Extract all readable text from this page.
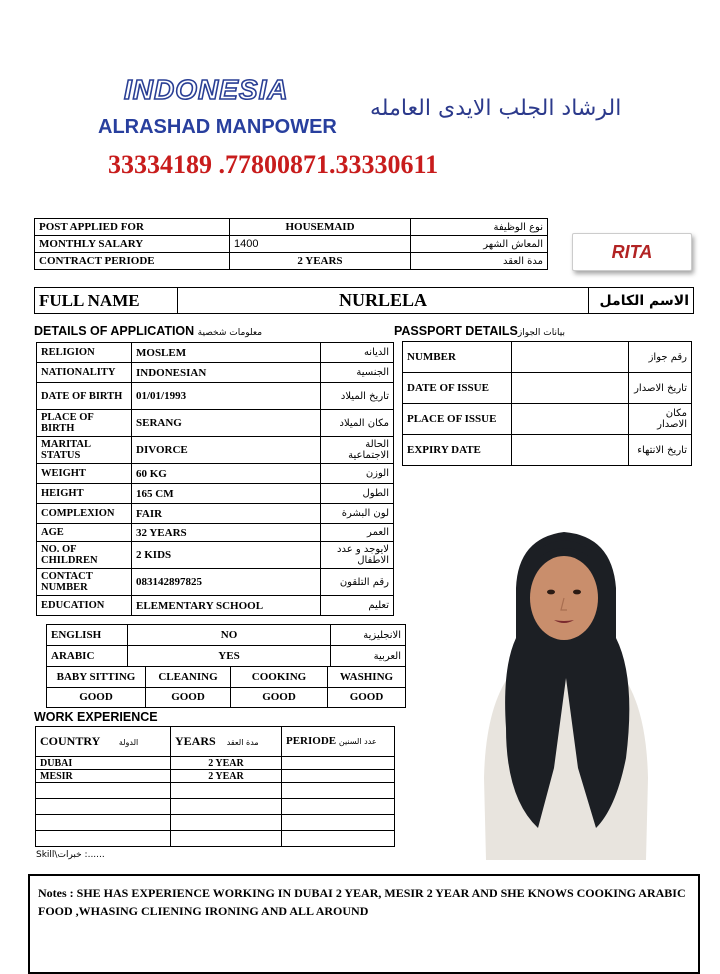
INDONESIA
ALRASHAD MANPOWER
الرشاد الجلب الايدى العامله
33334189 .77800871.33330611
POST APPLIED FOR	HOUSEMAID	نوع الوظيفة
MONTHLY SALARY	1400	المعاش الشهر
CONTRACT PERIODE	2 YEARS	مدة العقد	RITA
FULL NAME	NURLELA	الاسم الكامل
DETAILS OF APPLICATION معلومات شخصية	PASSPORT DETAILSبيانات الجواز
RELIGION	MOSLEM	الديانه
NATIONALITY	INDONESIAN	الجنسية
DATE OF BIRTH	01/01/1993	تاريخ الميلاد
PLACE OF BIRTH	SERANG	مكان الميلاد
MARITAL STATUS	DIVORCE	الحالة الاجتماعية
WEIGHT	60 KG	الوزن
HEIGHT	165 CM	الطول
COMPLEXION	FAIR	لون البشرة
AGE	32 YEARS	العمر
NO. OF CHILDREN	2 KIDS	لايوجد و عدد الاطفال
CONTACT NUMBER	083142897825	رقم التلقون
EDUCATION	ELEMENTARY SCHOOL	تعليم
NUMBER		رقم جواز
DATE OF ISSUE		تاريخ الاصدار
PLACE OF ISSUE		مكان الاصدار
EXPIRY DATE		تاريخ الانتهاء
ENGLISH	NO	الانجليزية
ARABIC	YES	العربية
BABY SITTING	CLEANING	COOKING	WASHING
GOOD	GOOD	GOOD	GOOD
WORK EXPERIENCE
COUNTRY الدولة	YEARS مدة العقد	PERIODE عدد السنين
DUBAI	2 YEAR	
MESIR	2 YEAR	

Skill\خبرات :......
Notes : SHE HAS EXPERIENCE WORKING IN DUBAI 2 YEAR, MESIR 2 YEAR AND SHE KNOWS COOKING ARABIC FOOD ,WHASING CLIENING IRONING AND ALL AROUND
